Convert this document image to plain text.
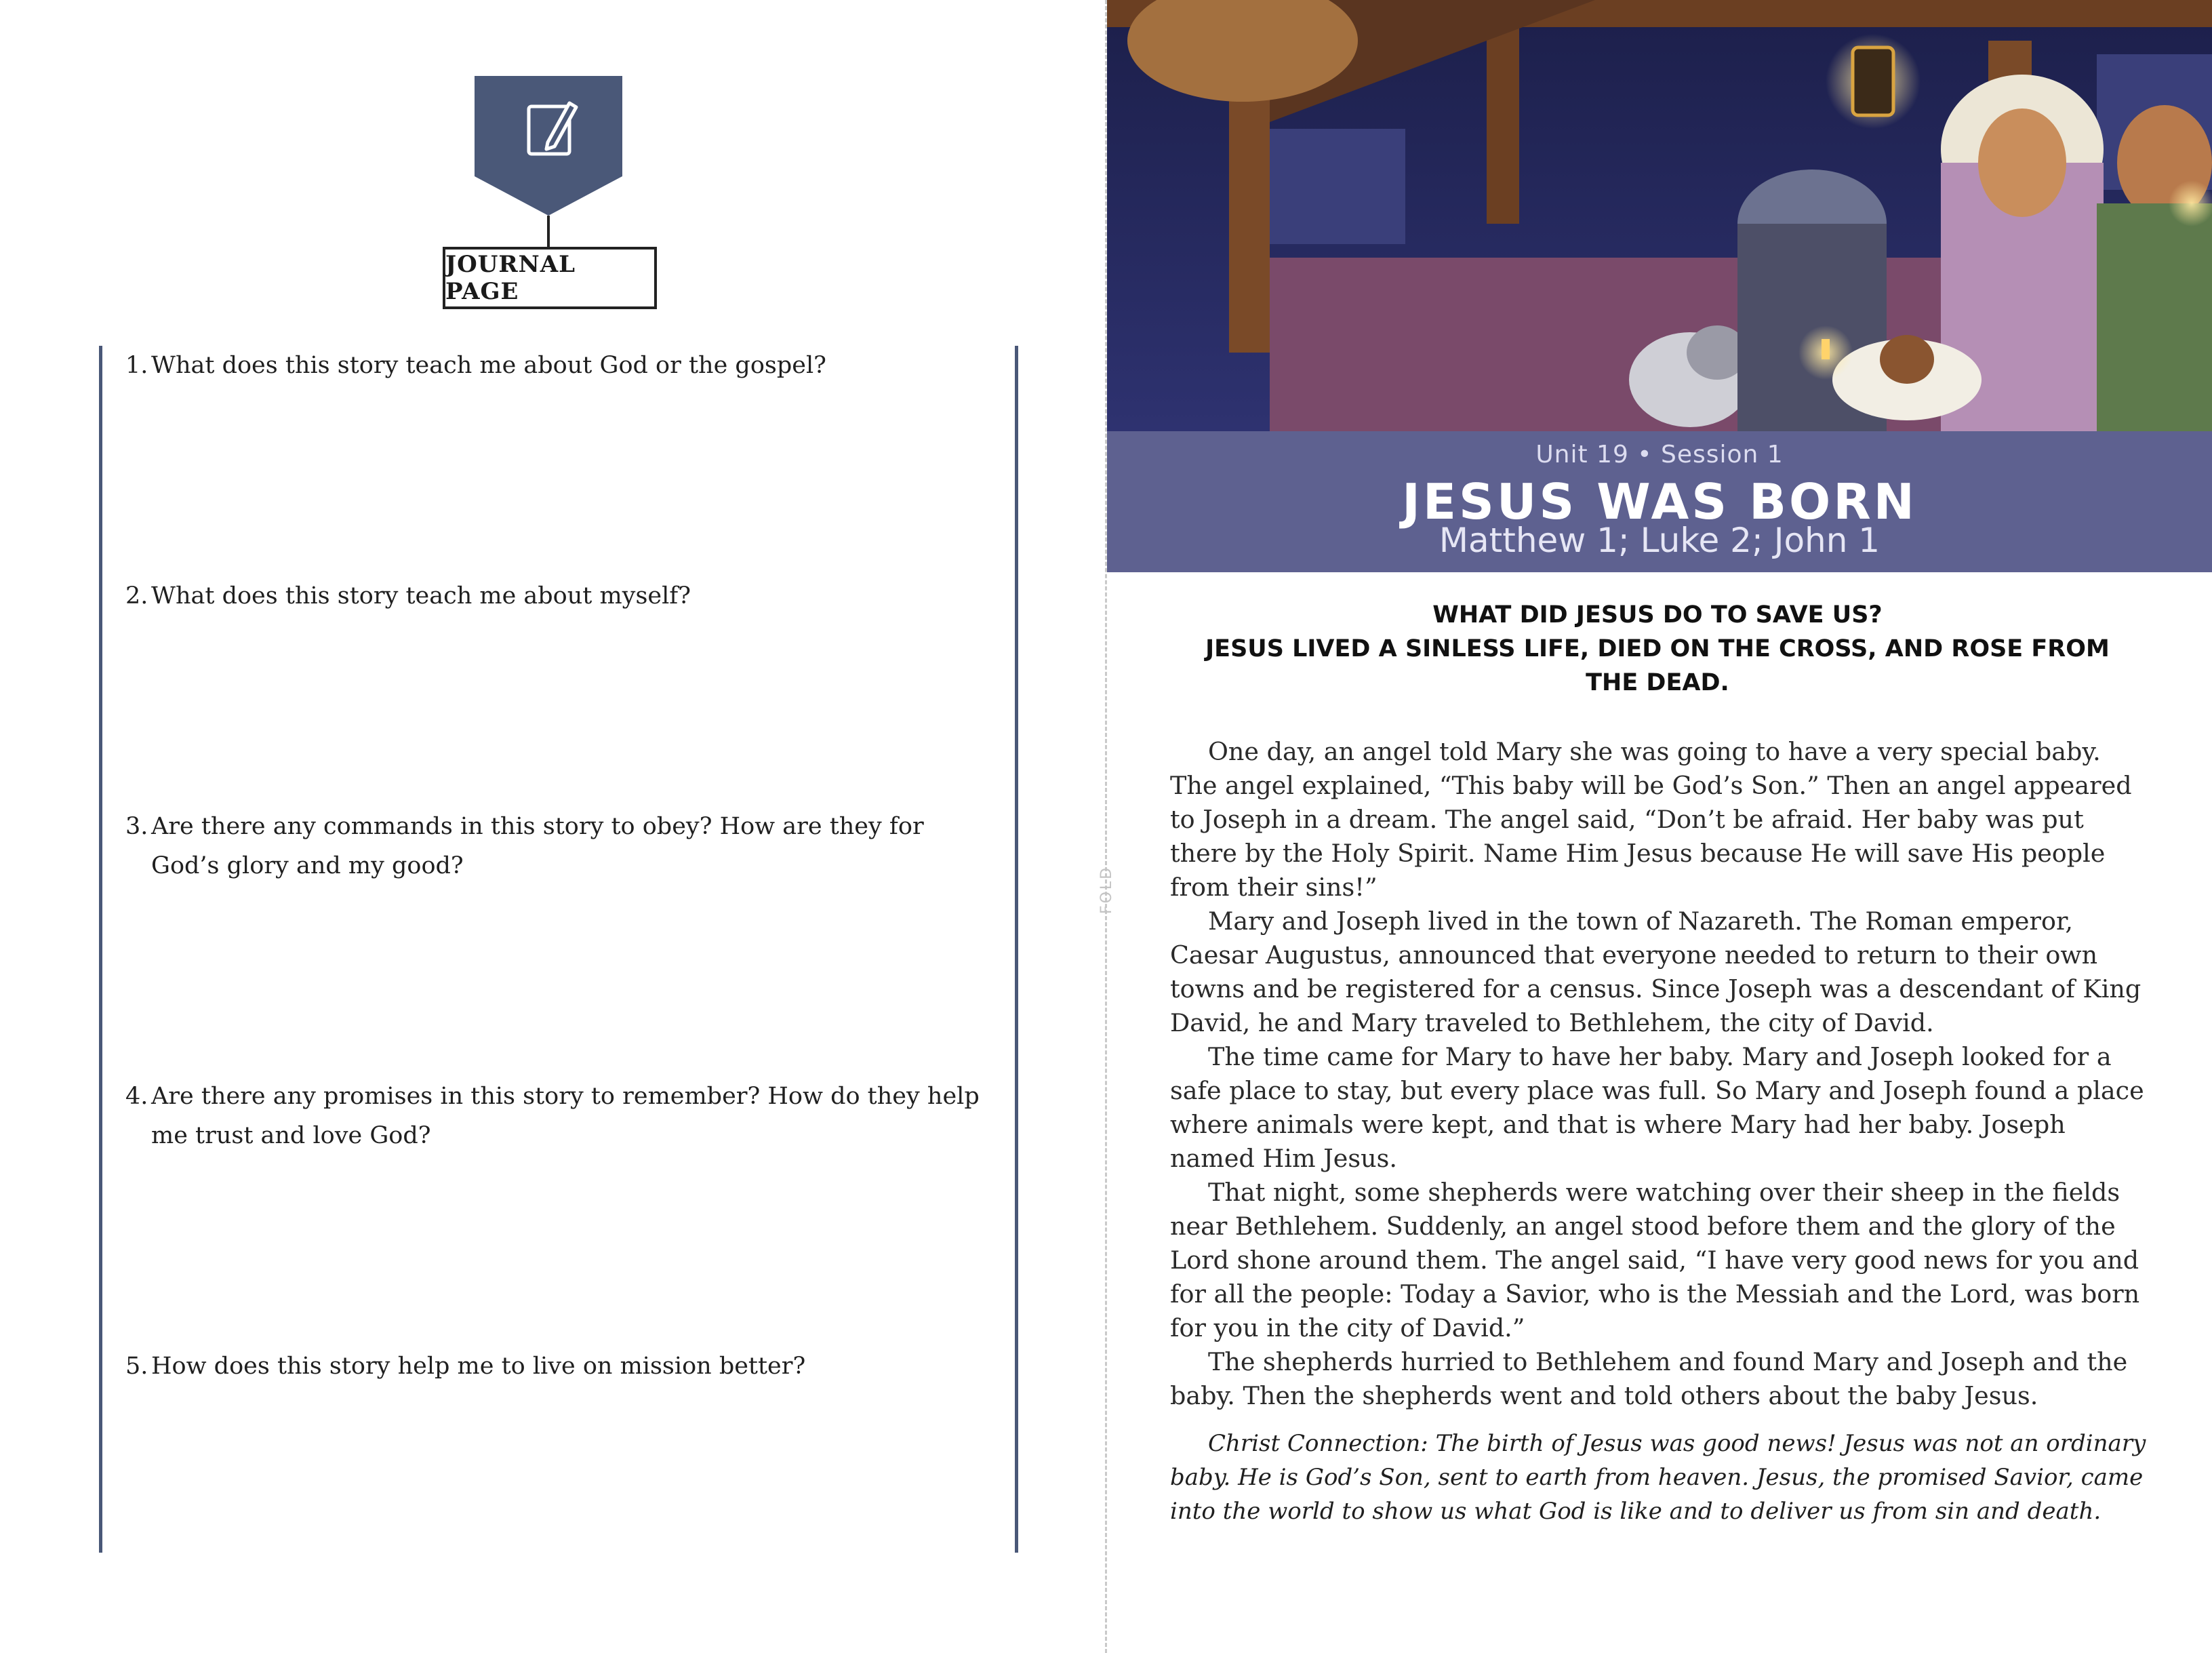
JOURNAL PAGE
1. What does this story teach me about God or the gospel?
2. What does this story teach me about myself?
3. Are there any commands in this story to obey? How are they for God’s glory and my good?
4. Are there any promises in this story to remember? How do they help me trust and love God?
5. How does this story help me to live on mission better?
FOLD
Unit 19 • Session 1
JESUS WAS BORN
Matthew 1; Luke 2; John 1
WHAT DID JESUS DO TO SAVE US?
JESUS LIVED A SINLESS LIFE, DIED ON THE CROSS, AND ROSE FROM THE DEAD.

One day, an angel told Mary she was going to have a very special baby. The angel explained, “This baby will be God’s Son.” Then an angel appeared to Joseph in a dream. The angel said, “Don’t be afraid. Her baby was put there by the Holy Spirit. Name Him Jesus because He will save His people from their sins!”

Mary and Joseph lived in the town of Nazareth. The Roman emperor, Caesar Augustus, announced that everyone needed to return to their own towns and be registered for a census. Since Joseph was a descendant of King David, he and Mary traveled to Bethlehem, the city of David.

The time came for Mary to have her baby. Mary and Joseph looked for a safe place to stay, but every place was full. So Mary and Joseph found a place where animals were kept, and that is where Mary had her baby. Joseph named Him Jesus.

That night, some shepherds were watching over their sheep in the fields near Bethlehem. Suddenly, an angel stood before them and the glory of the Lord shone around them. The angel said, “I have very good news for you and for all the people: Today a Savior, who is the Messiah and the Lord, was born for you in the city of David.”

The shepherds hurried to Bethlehem and found Mary and Joseph and the baby. Then the shepherds went and told others about the baby Jesus.

Christ Connection: The birth of Jesus was good news! Jesus was not an ordinary baby. He is God’s Son, sent to earth from heaven. Jesus, the promised Savior, came into the world to show us what God is like and to deliver us from sin and death.
